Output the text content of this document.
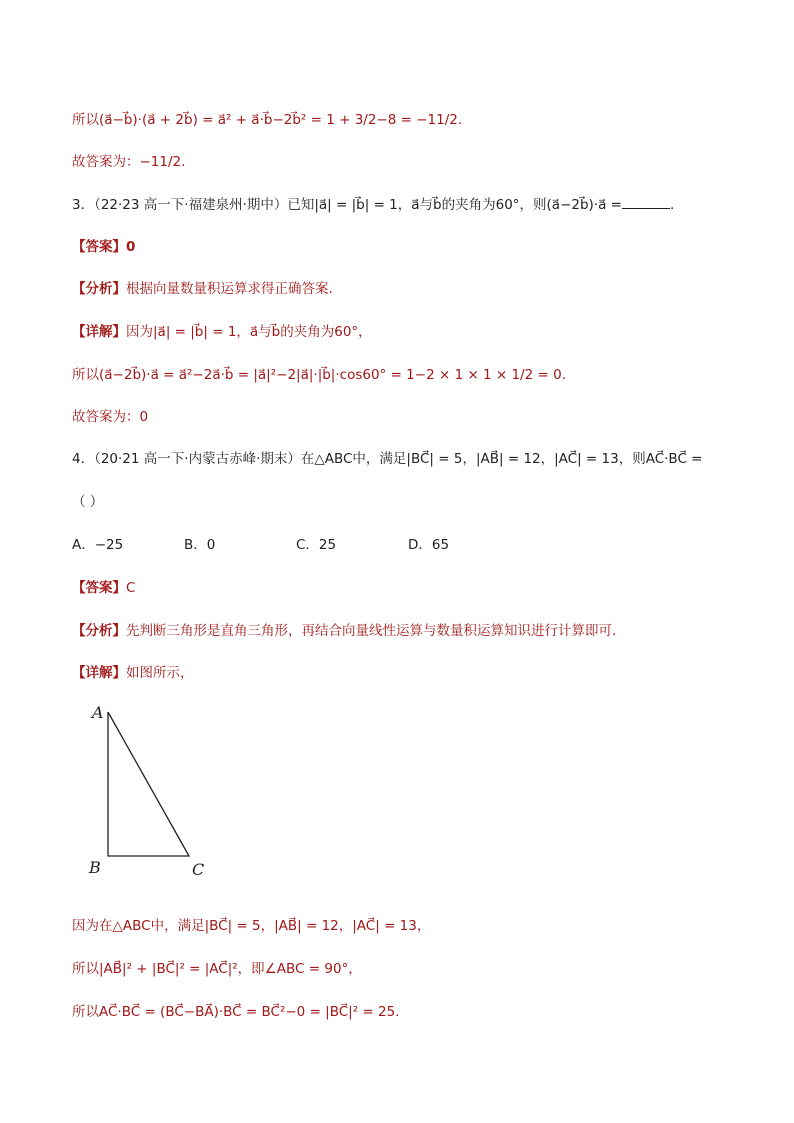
所以(a⃗−b⃗)·(a⃗ + 2b⃗) = a⃗² + a⃗·b⃗−2b⃗² = 1 + 3/2−8 = −11/2.
故答案为：−11/2.
3．（22·23 高一下·福建泉州·期中）已知|a⃗| = |b⃗| = 1，a⃗与b⃗的夹角为60°，则(a⃗−2b⃗)·a⃗ =	.
【答案】0
【分析】根据向量数量积运算求得正确答案.
【详解】因为|a⃗| = |b⃗| = 1，a⃗与b⃗的夹角为60°，
所以(a⃗−2b⃗)·a⃗ = a⃗²−2a⃗·b⃗ = |a⃗|²−2|a⃗|·|b⃗|·cos60° = 1−2 × 1 × 1 × 1/2 = 0.
故答案为：0
4．（20·21 高一下·内蒙古赤峰·期末）在△ABC中，满足|BC⃗| = 5，|AB⃗| = 12，|AC⃗| = 13，则AC⃗·BC⃗ =
（ ）
A．−25	B．0	C．25	D．65
【答案】C
【分析】先判断三角形是直角三角形，再结合向量线性运算与数量积运算知识进行计算即可.
【详解】如图所示，
A
B	C
因为在△ABC中，满足|BC⃗| = 5，|AB⃗| = 12，|AC⃗| = 13，
所以|AB⃗|² + |BC⃗|² = |AC⃗|²，即∠ABC = 90°，
所以AC⃗·BC⃗ = (BC⃗−BA⃗)·BC⃗ = BC⃗²−0 = |BC⃗|² = 25.
